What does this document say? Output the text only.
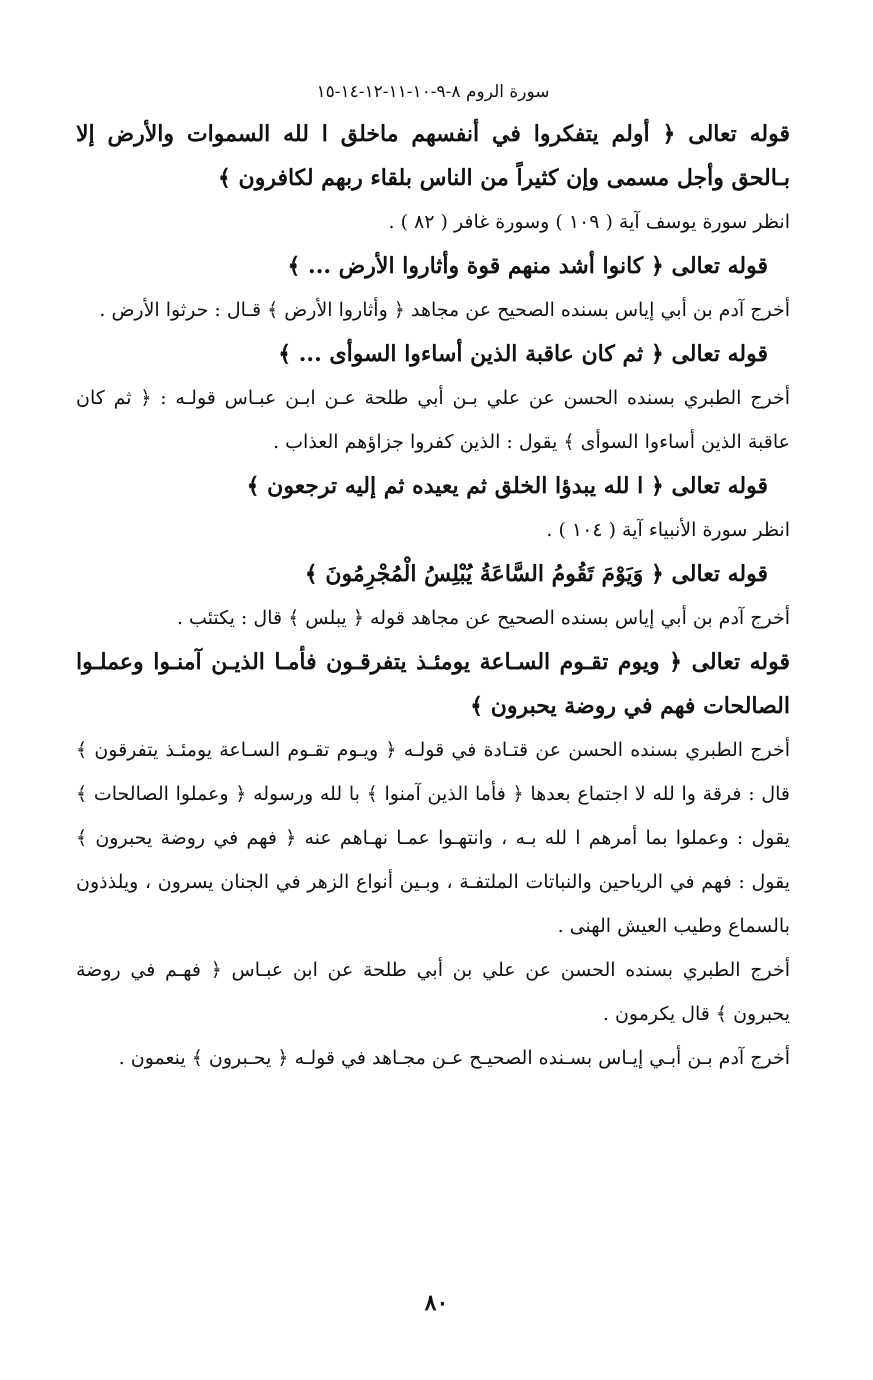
سورة الروم ٨-٩-١٠-١١-١٢-١٤-١٥
قوله تعالى ﴿ أولم يتفكروا في أنفسهم ماخلق ا لله السموات والأرض إلا بـالحق وأجل مسمى وإن كثيراً من الناس بلقاء ربهم لكافرون ﴾
انظر سورة يوسف آية ( ١٠٩ ) وسورة غافر ( ٨٢ ) .
قوله تعالى ﴿ كانوا أشد منهم قوة وأثاروا الأرض ... ﴾
أخرج آدم بن أبي إياس بسنده الصحيح عن مجاهد ﴿ وأثاروا الأرض ﴾ قـال : حرثوا الأرض .
قوله تعالى ﴿ ثم كان عاقبة الذين أساءوا السوأى ... ﴾
أخرج الطبري بسنده الحسن عن علي بـن أبي طلحة عـن ابـن عبـاس قولـه : ﴿ ثم كان عاقبة الذين أساءوا السوأى ﴾ يقول : الذين كفروا جزاؤهم العذاب .
قوله تعالى ﴿ ا لله يبدؤا الخلق ثم يعيده ثم إليه ترجعون ﴾
انظر سورة الأنبياء آية ( ١٠٤ ) .
قوله تعالى ﴿ وَيَوْمَ تَقُومُ السَّاعَةُ يُبْلِسُ الْمُجْرِمُونَ ﴾
أخرج آدم بن أبي إياس بسنده الصحيح عن مجاهد قوله ﴿ يبلس ﴾ قال : يكتئب .
قوله تعالى ﴿ ويوم تقـوم السـاعة يومئـذ يتفرقـون فأمـا الذيـن آمنـوا وعملـوا الصالحات فهم في روضة يحبرون ﴾
أخرج الطبري بسنده الحسن عن قتـادة في قولـه ﴿ ويـوم تقـوم السـاعة يومئـذ يتفرقون ﴾ قال : فرقة وا لله لا اجتماع بعدها ﴿ فأما الذين آمنوا ﴾ با لله ورسوله ﴿ وعملوا الصالحات ﴾ يقول : وعملوا بما أمرهم ا لله بـه ، وانتهـوا عمـا نهـاهم عنه ﴿ فهم في روضة يحبرون ﴾ يقول : فهم في الرياحين والنباتات الملتفـة ، وبـين أنواع الزهر في الجنان يسرون ، ويلذذون بالسماع وطيب العيش الهنى .
أخرج الطبري بسنده الحسن عن علي بن أبي طلحة عن ابن عبـاس ﴿ فهـم في روضة يحبرون ﴾ قال يكرمون .
أخرج آدم بـن أبـي إيـاس بسـنده الصحيـح عـن مجـاهد في قولـه ﴿ يحـبرون ﴾ ينعمون .
٨٠
